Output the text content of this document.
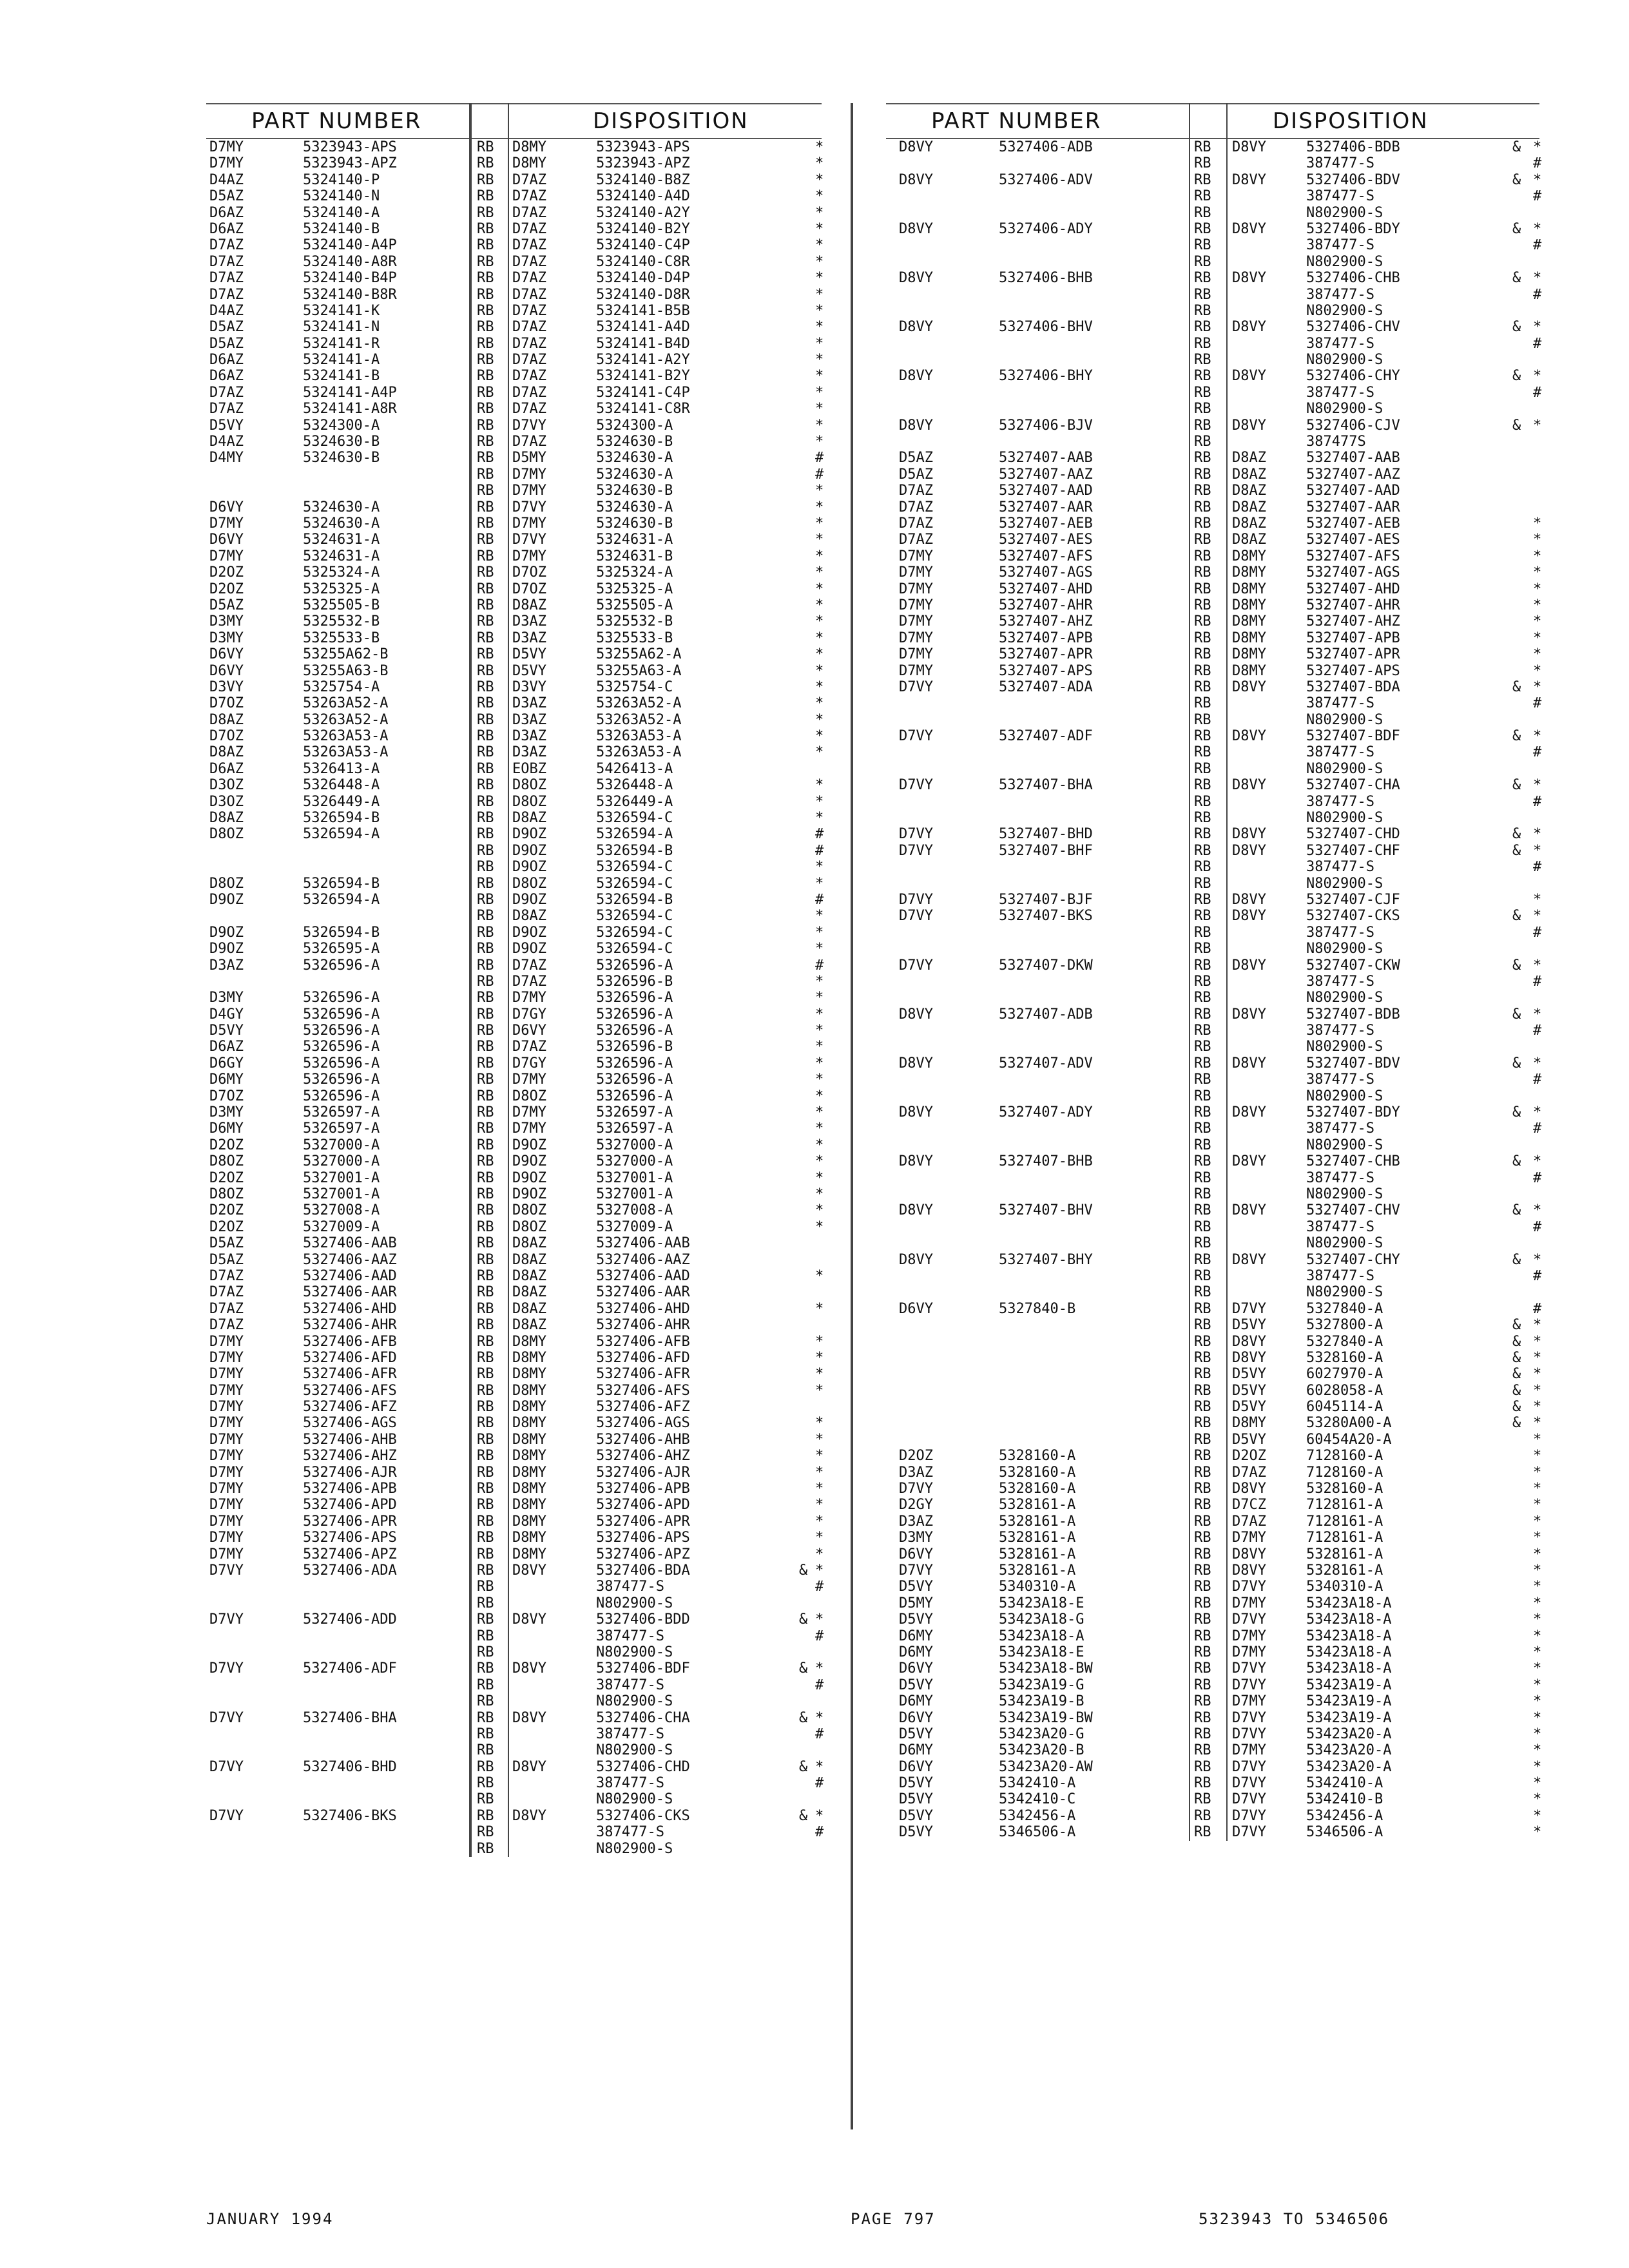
PART NUMBER	DISPOSITION
D7MY	5323943-APS	RB D8MY	5323943-APS	*
D7MY	5323943-APZ	RB D8MY	5323943-APZ	*
D4AZ	5324140-P	RB D7AZ	5324140-B8Z	*
D5AZ	5324140-N	RB D7AZ	5324140-A4D	*
D6AZ	5324140-A	RB D7AZ	5324140-A2Y	*
D6AZ	5324140-B	RB D7AZ	5324140-B2Y	*
D7AZ	5324140-A4P	RB D7AZ	5324140-C4P	*
D7AZ	5324140-A8R	RB D7AZ	5324140-C8R	*
D7AZ	5324140-B4P	RB D7AZ	5324140-D4P	*
D7AZ	5324140-B8R	RB D7AZ	5324140-D8R	*
D4AZ	5324141-K	RB D7AZ	5324141-B5B	*
D5AZ	5324141-N	RB D7AZ	5324141-A4D	*
D5AZ	5324141-R	RB D7AZ	5324141-B4D	*
D6AZ	5324141-A	RB D7AZ	5324141-A2Y	*
D6AZ	5324141-B	RB D7AZ	5324141-B2Y	*
D7AZ	5324141-A4P	RB D7AZ	5324141-C4P	*
D7AZ	5324141-A8R	RB D7AZ	5324141-C8R	*
D5VY	5324300-A	RB D7VY	5324300-A	*
D4AZ	5324630-B	RB D7AZ	5324630-B	*
D4MY	5324630-B	RB D5MY	5324630-A	#
RB D7MY	5324630-A	#
RB D7MY	5324630-B	*
D6VY	5324630-A	RB D7VY	5324630-A	*
D7MY	5324630-A	RB D7MY	5324630-B	*
D6VY	5324631-A	RB D7VY	5324631-A	*
D7MY	5324631-A	RB D7MY	5324631-B	*
D2OZ	5325324-A	RB D7OZ	5325324-A	*
D2OZ	5325325-A	RB D7OZ	5325325-A	*
D5AZ	5325505-B	RB D8AZ	5325505-A	*
D3MY	5325532-B	RB D3AZ	5325532-B	*
D3MY	5325533-B	RB D3AZ	5325533-B	*
D6VY	53255A62-B	RB D5VY	53255A62-A	*
D6VY	53255A63-B	RB D5VY	53255A63-A	*
D3VY	5325754-A	RB D3VY	5325754-C	*
D7OZ	53263A52-A	RB D3AZ	53263A52-A	*
D8AZ	53263A52-A	RB D3AZ	53263A52-A	*
D7OZ	53263A53-A	RB D3AZ	53263A53-A	*
D8AZ	53263A53-A	RB D3AZ	53263A53-A	*
D6AZ	5326413-A	RB EOBZ	5426413-A
D3OZ	5326448-A	RB D8OZ	5326448-A	*
D3OZ	5326449-A	RB D8OZ	5326449-A	*
D8AZ	5326594-B	RB D8AZ	5326594-C	*
D8OZ	5326594-A	RB D9OZ	5326594-A	#
RB D9OZ	5326594-B	#
RB D9OZ	5326594-C	*
D8OZ	5326594-B	RB D8OZ	5326594-C	*
D9OZ	5326594-A	RB D9OZ	5326594-B	#
RB D8AZ	5326594-C	*
D9OZ	5326594-B	RB D9OZ	5326594-C	*
D9OZ	5326595-A	RB D9OZ	5326594-C	*
D3AZ	5326596-A	RB D7AZ	5326596-A	#
RB D7AZ	5326596-B	*
D3MY	5326596-A	RB D7MY	5326596-A	*
D4GY	5326596-A	RB D7GY	5326596-A	*
D5VY	5326596-A	RB D6VY	5326596-A	*
D6AZ	5326596-A	RB D7AZ	5326596-B	*
D6GY	5326596-A	RB D7GY	5326596-A	*
D6MY	5326596-A	RB D7MY	5326596-A	*
D7OZ	5326596-A	RB D8OZ	5326596-A	*
D3MY	5326597-A	RB D7MY	5326597-A	*
D6MY	5326597-A	RB D7MY	5326597-A	*
D2OZ	5327000-A	RB D9OZ	5327000-A	*
D8OZ	5327000-A	RB D9OZ	5327000-A	*
D2OZ	5327001-A	RB D9OZ	5327001-A	*
D8OZ	5327001-A	RB D9OZ	5327001-A	*
D2OZ	5327008-A	RB D8OZ	5327008-A	*
D2OZ	5327009-A	RB D8OZ	5327009-A	*
D5AZ	5327406-AAB	RB D8AZ	5327406-AAB
D5AZ	5327406-AAZ	RB D8AZ	5327406-AAZ
D7AZ	5327406-AAD	RB D8AZ	5327406-AAD	*
D7AZ	5327406-AAR	RB D8AZ	5327406-AAR
D7AZ	5327406-AHD	RB D8AZ	5327406-AHD	*
D7AZ	5327406-AHR	RB D8AZ	5327406-AHR
D7MY	5327406-AFB	RB D8MY	5327406-AFB	*
D7MY	5327406-AFD	RB D8MY	5327406-AFD	*
D7MY	5327406-AFR	RB D8MY	5327406-AFR	*
D7MY	5327406-AFS	RB D8MY	5327406-AFS	*
D7MY	5327406-AFZ	RB D8MY	5327406-AFZ
D7MY	5327406-AGS	RB D8MY	5327406-AGS	*
D7MY	5327406-AHB	RB D8MY	5327406-AHB	*
D7MY	5327406-AHZ	RB D8MY	5327406-AHZ	*
D7MY	5327406-AJR	RB D8MY	5327406-AJR	*
D7MY	5327406-APB	RB D8MY	5327406-APB	*
D7MY	5327406-APD	RB D8MY	5327406-APD	*
D7MY	5327406-APR	RB D8MY	5327406-APR	*
D7MY	5327406-APS	RB D8MY	5327406-APS	*
D7MY	5327406-APZ	RB D8MY	5327406-APZ	*
D7VY	5327406-ADA	RB D8VY	5327406-BDA	& *
RB	387477-S	#
RB	N802900-S
D7VY	5327406-ADD	RB D8VY	5327406-BDD	& *
RB	387477-S	#
RB	N802900-S
D7VY	5327406-ADF	RB D8VY	5327406-BDF	& *
RB	387477-S	#
RB	N802900-S
D7VY	5327406-BHA	RB D8VY	5327406-CHA	& *
RB	387477-S	#
RB	N802900-S
D7VY	5327406-BHD	RB D8VY	5327406-CHD	& *
RB	387477-S	#
RB	N802900-S
D7VY	5327406-BKS	RB D8VY	5327406-CKS	& *
RB	387477-S	#
RB	N802900-S
PART NUMBER	DISPOSITION
D8VY	5327406-ADB	RB D8VY	5327406-BDB	& *
RB	387477-S	#
D8VY	5327406-ADV	RB D8VY	5327406-BDV	& *
RB	387477-S	#
RB	N802900-S
D8VY	5327406-ADY	RB D8VY	5327406-BDY	& *
RB	387477-S	#
RB	N802900-S
D8VY	5327406-BHB	RB D8VY	5327406-CHB	& *
RB	387477-S	#
RB	N802900-S
D8VY	5327406-BHV	RB D8VY	5327406-CHV	& *
RB	387477-S	#
RB	N802900-S
D8VY	5327406-BHY	RB D8VY	5327406-CHY	& *
RB	387477-S	#
RB	N802900-S
D8VY	5327406-BJV	RB D8VY	5327406-CJV	& *
RB	387477S
D5AZ	5327407-AAB	RB D8AZ	5327407-AAB
D5AZ	5327407-AAZ	RB D8AZ	5327407-AAZ
D7AZ	5327407-AAD	RB D8AZ	5327407-AAD
D7AZ	5327407-AAR	RB D8AZ	5327407-AAR
D7AZ	5327407-AEB	RB D8AZ	5327407-AEB	*
D7AZ	5327407-AES	RB D8AZ	5327407-AES	*
D7MY	5327407-AFS	RB D8MY	5327407-AFS	*
D7MY	5327407-AGS	RB D8MY	5327407-AGS	*
D7MY	5327407-AHD	RB D8MY	5327407-AHD	*
D7MY	5327407-AHR	RB D8MY	5327407-AHR	*
D7MY	5327407-AHZ	RB D8MY	5327407-AHZ	*
D7MY	5327407-APB	RB D8MY	5327407-APB	*
D7MY	5327407-APR	RB D8MY	5327407-APR	*
D7MY	5327407-APS	RB D8MY	5327407-APS	*
D7VY	5327407-ADA	RB D8VY	5327407-BDA	& *
RB	387477-S	#
RB	N802900-S
D7VY	5327407-ADF	RB D8VY	5327407-BDF	& *
RB	387477-S	#
RB	N802900-S
D7VY	5327407-BHA	RB D8VY	5327407-CHA	& *
RB	387477-S	#
RB	N802900-S
D7VY	5327407-BHD	RB D8VY	5327407-CHD	& *
D7VY	5327407-BHF	RB D8VY	5327407-CHF	& *
RB	387477-S	#
RB	N802900-S
D7VY	5327407-BJF	RB D8VY	5327407-CJF	*
D7VY	5327407-BKS	RB D8VY	5327407-CKS	& *
RB	387477-S	#
RB	N802900-S
D7VY	5327407-DKW	RB D8VY	5327407-CKW	& *
RB	387477-S	#
RB	N802900-S
D8VY	5327407-ADB	RB D8VY	5327407-BDB	& *
RB	387477-S	#
RB	N802900-S
D8VY	5327407-ADV	RB D8VY	5327407-BDV	& *
RB	387477-S	#
RB	N802900-S
D8VY	5327407-ADY	RB D8VY	5327407-BDY	& *
RB	387477-S	#
RB	N802900-S
D8VY	5327407-BHB	RB D8VY	5327407-CHB	& *
RB	387477-S	#
RB	N802900-S
D8VY	5327407-BHV	RB D8VY	5327407-CHV	& *
RB	387477-S	#
RB	N802900-S
D8VY	5327407-BHY	RB D8VY	5327407-CHY	& *
RB	387477-S	#
RB	N802900-S
D6VY	5327840-B	RB D7VY	5327840-A	#
RB D5VY	5327800-A	& *
RB D8VY	5327840-A	& *
RB D8VY	5328160-A	& *
RB D5VY	6027970-A	& *
RB D5VY	6028058-A	& *
RB D5VY	6045114-A	& *
RB D8MY	53280A00-A	& *
RB D5VY	60454A20-A	*
D2OZ	5328160-A	RB D2OZ	7128160-A	*
D3AZ	5328160-A	RB D7AZ	7128160-A	*
D7VY	5328160-A	RB D8VY	5328160-A	*
D2GY	5328161-A	RB D7CZ	7128161-A	*
D3AZ	5328161-A	RB D7AZ	7128161-A	*
D3MY	5328161-A	RB D7MY	7128161-A	*
D6VY	5328161-A	RB D8VY	5328161-A	*
D7VY	5328161-A	RB D8VY	5328161-A	*
D5VY	5340310-A	RB D7VY	5340310-A	*
D5MY	53423A18-E	RB D7MY	53423A18-A	*
D5VY	53423A18-G	RB D7VY	53423A18-A	*
D6MY	53423A18-A	RB D7MY	53423A18-A	*
D6MY	53423A18-E	RB D7MY	53423A18-A	*
D6VY	53423A18-BW	RB D7VY	53423A18-A	*
D5VY	53423A19-G	RB D7VY	53423A19-A	*
D6MY	53423A19-B	RB D7MY	53423A19-A	*
D6VY	53423A19-BW	RB D7VY	53423A19-A	*
D5VY	53423A20-G	RB D7VY	53423A20-A	*
D6MY	53423A20-B	RB D7MY	53423A20-A	*
D6VY	53423A20-AW	RB D7VY	53423A20-A	*
D5VY	5342410-A	RB D7VY	5342410-A	*
D5VY	5342410-C	RB D7VY	5342410-B	*
D5VY	5342456-A	RB D7VY	5342456-A	*
D5VY	5346506-A	RB D7VY	5346506-A	*
JANUARY 1994	PAGE 797	5323943 TO 5346506
